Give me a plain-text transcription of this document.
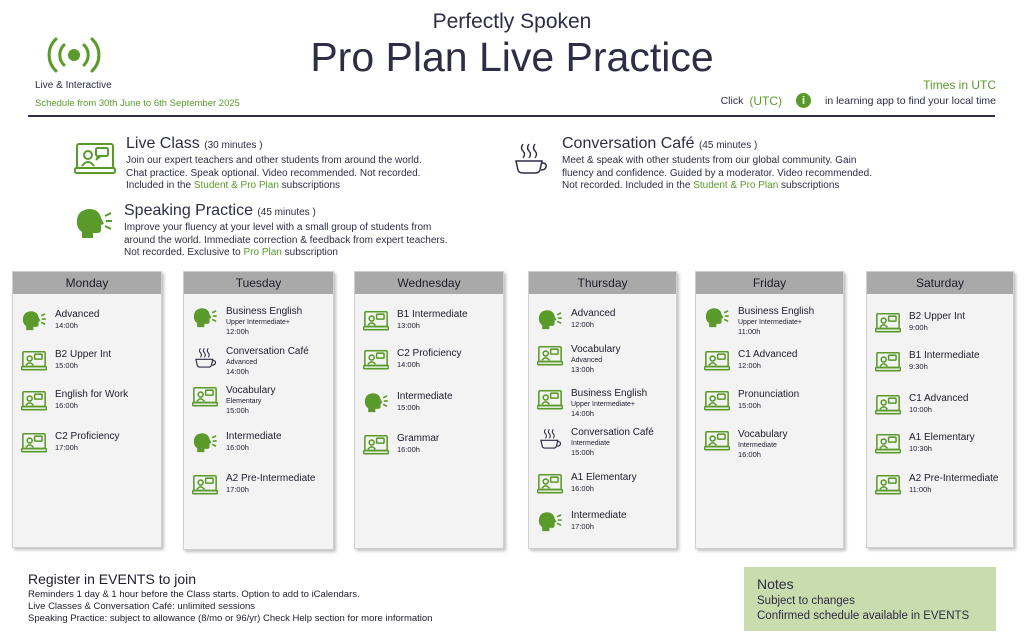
Perfectly Spoken
Pro Plan Live Practice
Live & Interactive
Schedule from 30th June to 6th September 2025
Times in UTC
Click (UTC)	i	in learning app to find your local time
Live Class (30 minutes )

Join our expert teachers and other students from around the world.
Chat practice. Speak optional. Video recommended. Not recorded.
Included in the Student & Pro Plan subscriptions

Speaking Practice (45 minutes )

Improve your fluency at your level with a small group of students from
around the world. Immediate correction & feedback from expert teachers.
Not recorded. Exclusive to Pro Plan subscription

Conversation Café (45 minutes )

Meet & speak with other students from our global community. Gain
fluency and confidence. Guided by a moderator. Video recommended.
Not recorded. Included in the Student & Pro Plan subscriptions

Monday
Advanced
14:00h
B2 Upper Int
15:00h
English for Work
16:00h
C2 Proficiency
17:00h
Tuesday
Business English
Upper Intermediate+
12:00h
Conversation Café
Advanced
14:00h
Vocabulary
Elementary
15:00h
Intermediate
16:00h
A2 Pre-Intermediate
17:00h
Wednesday
B1 Intermediate
13:00h
C2 Proficiency
14:00h
Intermediate
15:00h
Grammar
16:00h
Thursday
Advanced
12:00h
Vocabulary
Advanced
13:00h
Business English
Upper Intermediate+
14:00h
Conversation Café
Intermediate
15:00h
A1 Elementary
16:00h
Intermediate
17:00h
Friday
Business English
Upper Intermediate+
11:00h
C1 Advanced
12:00h
Pronunciation
15:00h
Vocabulary
Intermediate
16:00h
Saturday
B2 Upper Int
9:00h
B1 Intermediate
9:30h
C1 Advanced
10:00h
A1 Elementary
10:30h
A2 Pre-Intermediate
11:00h
Register in EVENTS to join
Reminders 1 day & 1 hour before the Class starts. Option to add to iCalendars.
Live Classes & Conversation Café: unlimited sessions
Speaking Practice: subject to allowance (8/mo or 96/yr) Check Help section for more information
Notes
Subject to changes
Confirmed schedule available in EVENTS
